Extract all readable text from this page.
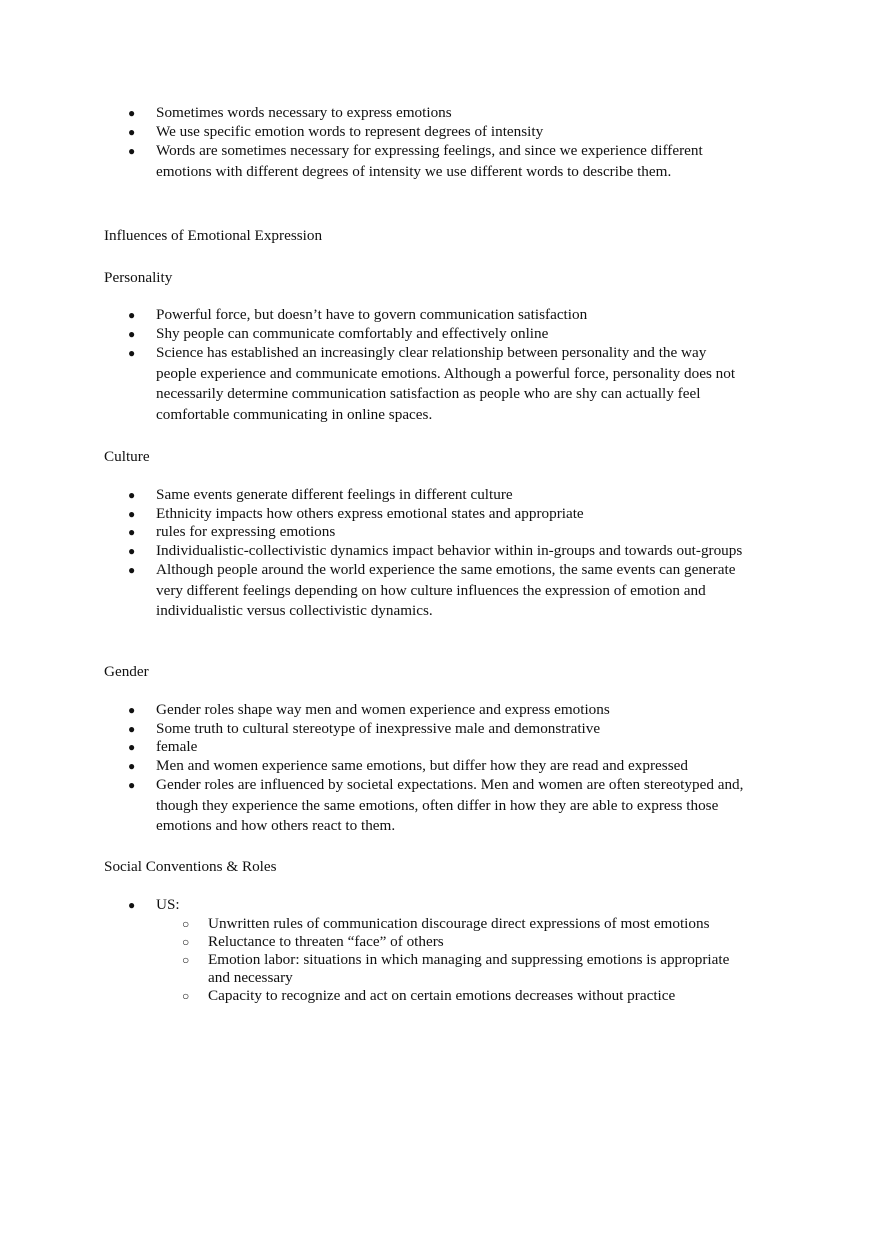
● Sometimes words necessary to express emotions
● We use specific emotion words to represent degrees of intensity
● Words are sometimes necessary for expressing feelings, and since we experience different emotions with different degrees of intensity we use different words to describe them.

Influences of Emotional Expression

Personality

● Powerful force, but doesn’t have to govern communication satisfaction
● Shy people can communicate comfortably and effectively online
● Science has established an increasingly clear relationship between personality and the way people experience and communicate emotions. Although a powerful force, personality does not necessarily determine communication satisfaction as people who are shy can actually feel comfortable communicating in online spaces.

Culture

● Same events generate different feelings in different culture
● Ethnicity impacts how others express emotional states and appropriate
● rules for expressing emotions
● Individualistic-collectivistic dynamics impact behavior within in-groups and towards out-groups
● Although people around the world experience the same emotions, the same events can generate very different feelings depending on how culture influences the expression of emotion and individualistic versus collectivistic dynamics.

Gender

● Gender roles shape way men and women experience and express emotions
● Some truth to cultural stereotype of inexpressive male and demonstrative
● female
● Men and women experience same emotions, but differ how they are read and expressed
● Gender roles are influenced by societal expectations. Men and women are often stereotyped and, though they experience the same emotions, often differ in how they are able to express those emotions and how others react to them.

Social Conventions & Roles

● US:
○ Unwritten rules of communication discourage direct expressions of most emotions
○ Reluctance to threaten “face” of others
○ Emotion labor: situations in which managing and suppressing emotions is appropriate and necessary
○ Capacity to recognize and act on certain emotions decreases without practice
